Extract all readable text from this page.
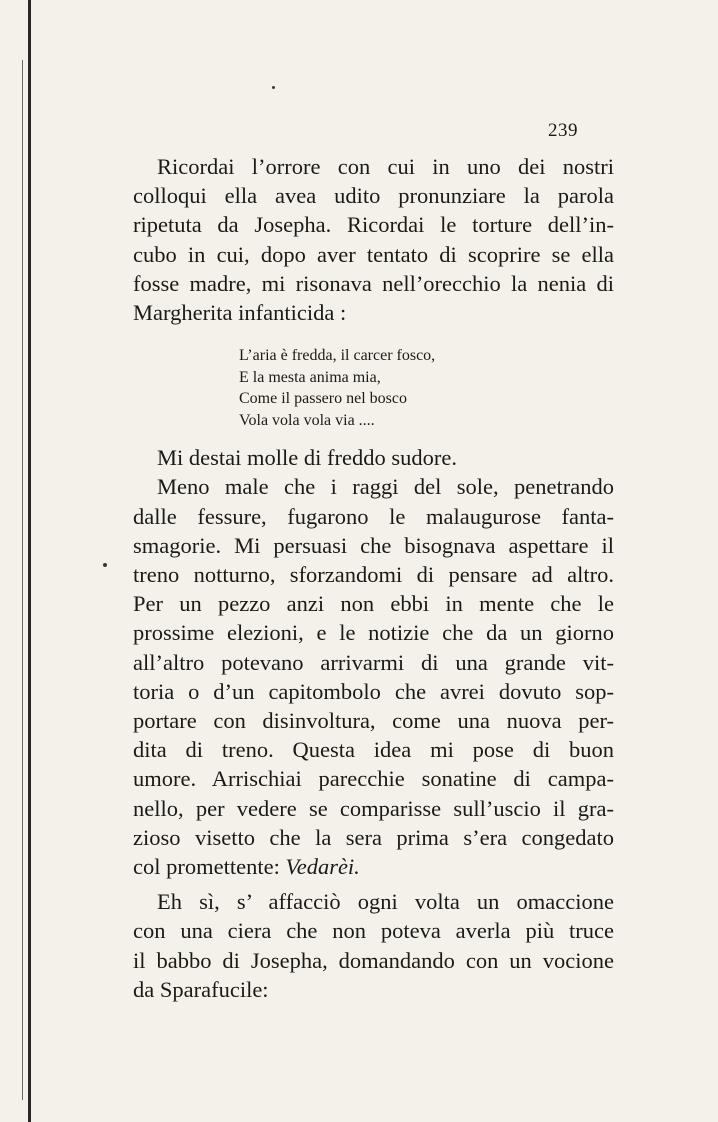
239

Ricordai l’orrore con cui in uno dei nostri
colloqui ella avea udito pronunziare la parola
ripetuta da Josepha. Ricordai le torture dell’in-
cubo in cui, dopo aver tentato di scoprire se ella
fosse madre, mi risonava nell’orecchio la nenia di
Margherita infanticida :

L’aria è fredda, il carcer fosco,
E la mesta anima mia,
Come il passero nel bosco
Vola vola vola via ....

Mi destai molle di freddo sudore.

Meno male che i raggi del sole, penetrando
dalle fessure, fugarono le malaugurose fanta-
smagorie. Mi persuasi che bisognava aspettare il
treno notturno, sforzandomi di pensare ad altro.
Per un pezzo anzi non ebbi in mente che le
prossime elezioni, e le notizie che da un giorno
all’altro potevano arrivarmi di una grande vit-
toria o d’un capitombolo che avrei dovuto sop-
portare con disinvoltura, come una nuova per-
dita di treno. Questa idea mi pose di buon
umore. Arrischiai parecchie sonatine di campa-
nello, per vedere se comparisse sull’uscio il gra-
zioso visetto che la sera prima s’era congedato
col promettente: Vedarèi.

Eh sì, s’ affacciò ogni volta un omaccione
con una ciera che non poteva averla più truce
il babbo di Josepha, domandando con un vocione
da Sparafucile:
